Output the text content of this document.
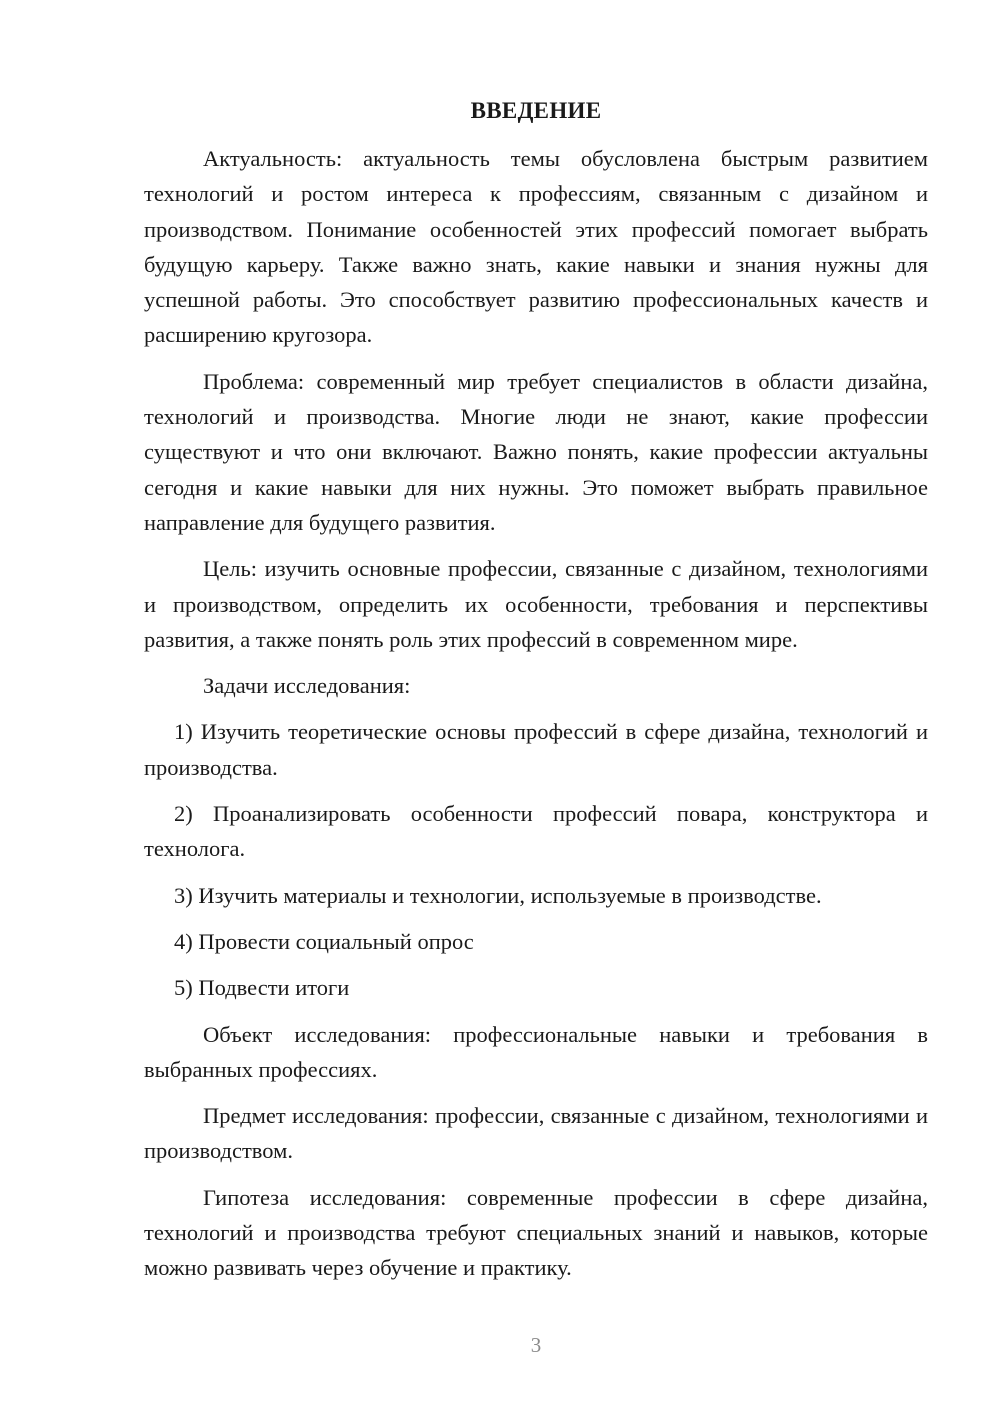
ВВЕДЕНИЕ

Актуальность: актуальность темы обусловлена быстрым развитием технологий и ростом интереса к профессиям, связанным с дизайном и производством. Понимание особенностей этих профессий помогает выбрать будущую карьеру. Также важно знать, какие навыки и знания нужны для успешной работы. Это способствует развитию профессиональных качеств и расширению кругозора.

Проблема: современный мир требует специалистов в области дизайна, технологий и производства. Многие люди не знают, какие профессии существуют и что они включают. Важно понять, какие профессии актуальны сегодня и какие навыки для них нужны. Это поможет выбрать правильное направление для будущего развития.

Цель: изучить основные профессии, связанные с дизайном, технологиями и производством, определить их особенности, требования и перспективы развития, а также понять роль этих профессий в современном мире.

Задачи исследования:

1) Изучить теоретические основы профессий в сфере дизайна, технологий и производства.

2) Проанализировать особенности профессий повара, конструктора и технолога.

3) Изучить материалы и технологии, используемые в производстве.

4) Провести социальный опрос

5) Подвести итоги

Объект исследования: профессиональные навыки и требования в выбранных профессиях.

Предмет исследования: профессии, связанные с дизайном, технологиями и производством.

Гипотеза исследования: современные профессии в сфере дизайна, технологий и производства требуют специальных знаний и навыков, которые можно развивать через обучение и практику.

3
